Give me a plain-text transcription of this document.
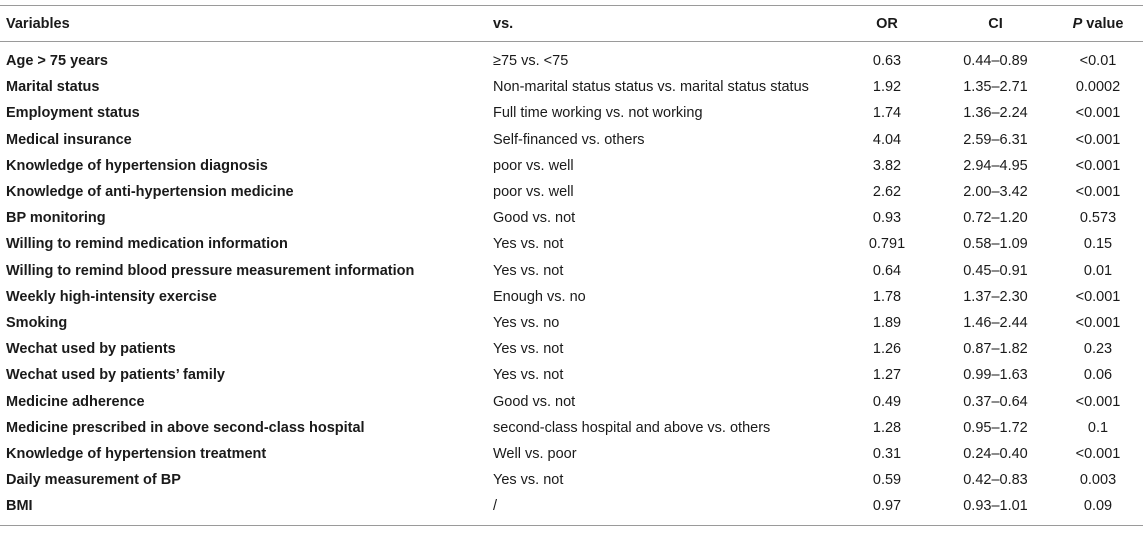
Variables	vs.	OR	CI	P value
Age > 75 years	≥75 vs. <75	0.63	0.44–0.89	<0.01
Marital status	Non-marital status status vs. marital status status	1.92	1.35–2.71	0.0002
Employment status	Full time working vs. not working	1.74	1.36–2.24	<0.001
Medical insurance	Self-financed vs. others	4.04	2.59–6.31	<0.001
Knowledge of hypertension diagnosis	poor vs. well	3.82	2.94–4.95	<0.001
Knowledge of anti-hypertension medicine	poor vs. well	2.62	2.00–3.42	<0.001
BP monitoring	Good vs. not	0.93	0.72–1.20	0.573
Willing to remind medication information	Yes vs. not	0.791	0.58–1.09	0.15
Willing to remind blood pressure measurement information	Yes vs. not	0.64	0.45–0.91	0.01
Weekly high-intensity exercise	Enough vs. no	1.78	1.37–2.30	<0.001
Smoking	Yes vs. no	1.89	1.46–2.44	<0.001
Wechat used by patients	Yes vs. not	1.26	0.87–1.82	0.23
Wechat used by patients’ family	Yes vs. not	1.27	0.99–1.63	0.06
Medicine adherence	Good vs. not	0.49	0.37–0.64	<0.001
Medicine prescribed in above second-class hospital	second-class hospital and above vs. others	1.28	0.95–1.72	0.1
Knowledge of hypertension treatment	Well vs. poor	0.31	0.24–0.40	<0.001
Daily measurement of BP	Yes vs. not	0.59	0.42–0.83	0.003
BMI	/	0.97	0.93–1.01	0.09
